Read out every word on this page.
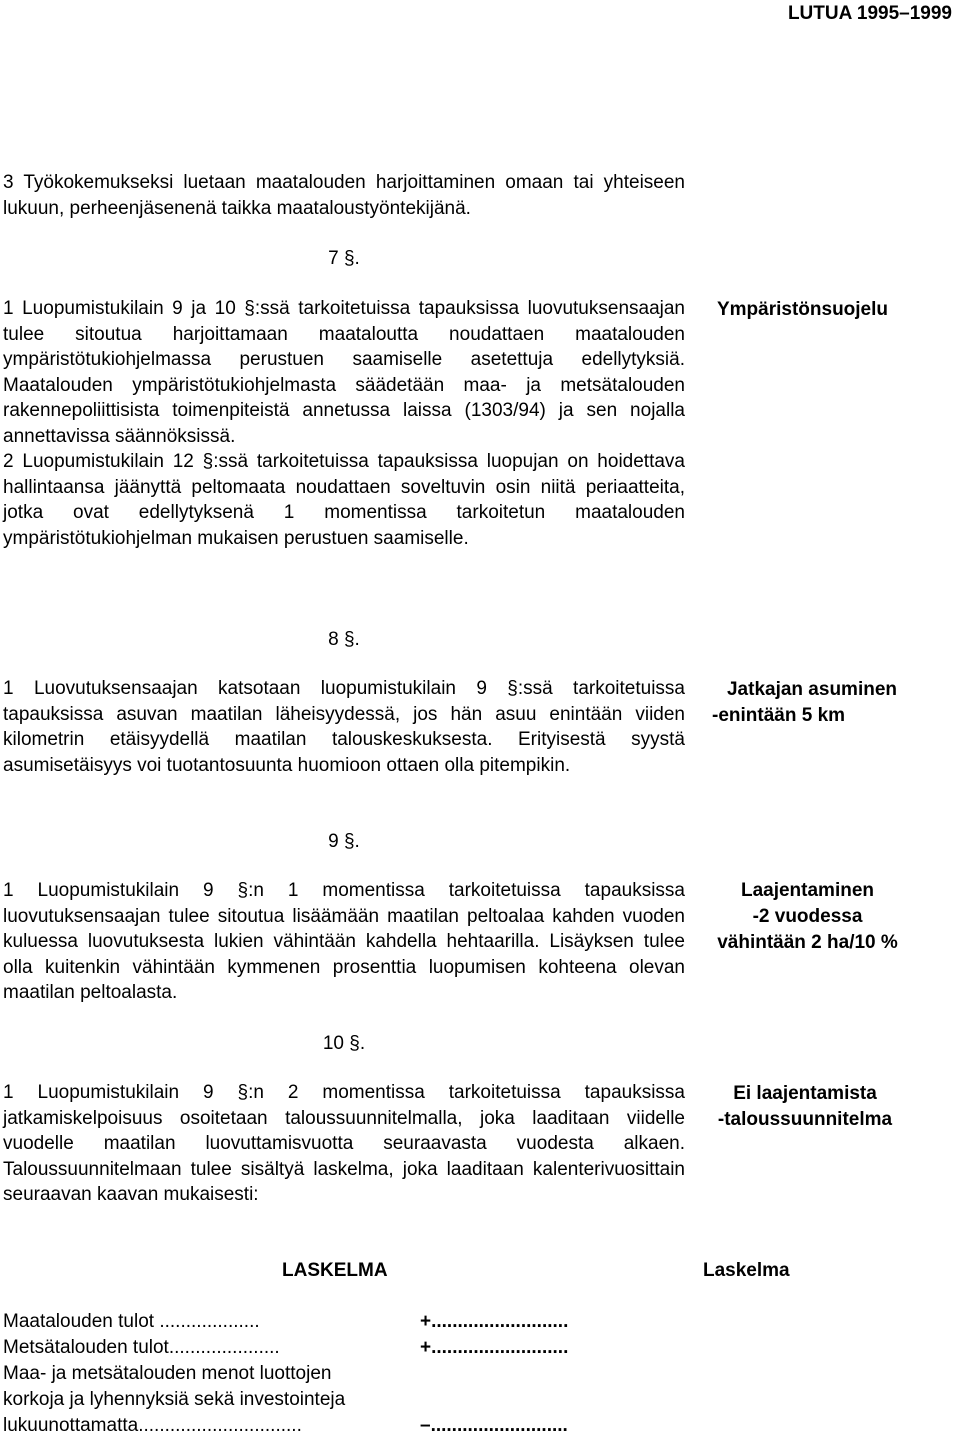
LUTUA 1995–1999

3 Työkokemukseksi luetaan maatalouden harjoittaminen omaan tai yhteiseen lukuun, perheenjäsenenä taikka maataloustyöntekijänä.

7 §.
Ympäristönsuojelu

1 Luopumistukilain 9 ja 10 §:ssä tarkoitetuissa tapauksissa luovutuksensaajan tulee sitoutua harjoittamaan maataloutta noudattaen maatalouden ympäristötukiohjelmassa perustuen saamiselle asetettuja edellytyksiä. Maatalouden ympäristötukiohjelmasta säädetään maa- ja metsätalouden rakennepoliittisista toimenpiteistä annetussa laissa (1303/94) ja sen nojalla annettavissa säännöksissä.

2 Luopumistukilain 12 §:ssä tarkoitetuissa tapauksissa luopujan on hoidettava hallintaansa jäänyttä peltomaata noudattaen soveltuvin osin niitä periaatteita, jotka ovat edellytyksenä 1 momentissa tarkoitetun maatalouden ympäristötukiohjelman mukaisen perustuen saamiselle.

8 §.
Jatkajan asuminen
-enintään 5 km

1 Luovutuksensaajan katsotaan luopumistukilain 9 §:ssä tarkoitetuissa tapauksissa asuvan maatilan läheisyydessä, jos hän asuu enintään viiden kilometrin etäisyydellä maatilan talouskeskuksesta. Erityisestä syystä asumisetäisyys voi tuotantosuunta huomioon ottaen olla pitempikin.

9 §.
Laajentaminen
-2 vuodessa
vähintään 2 ha/10 %

1 Luopumistukilain 9 §:n 1 momentissa tarkoitetuissa tapauksissa luovutuksensaajan tulee sitoutua lisäämään maatilan peltoalaa kahden vuoden kuluessa luovutuksesta lukien vähintään kahdella hehtaarilla. Lisäyksen tulee olla kuitenkin vähintään kymmenen prosenttia luopumisen kohteena olevan maatilan peltoalasta.

10 §.
Ei laajentamista
-taloussuunnitelma

1 Luopumistukilain 9 §:n 2 momentissa tarkoitetuissa tapauksissa jatkamiskelpoisuus osoitetaan taloussuunnitelmalla, joka laaditaan viidelle vuodelle maatilan luovuttamisvuotta seuraavasta vuodesta alkaen. Taloussuunnitelmaan tulee sisältyä laskelma, joka laaditaan kalenterivuosittain seuraavan kaavan mukaisesti:

LASKELMA	Laskelma
Maatalouden tulot ...................	+..........................
Metsätalouden tulot.....................	+..........................
Maa- ja metsätalouden menot luottojen
korkoja ja lyhennyksiä sekä investointeja
lukuunottamatta...............................	–..........................
